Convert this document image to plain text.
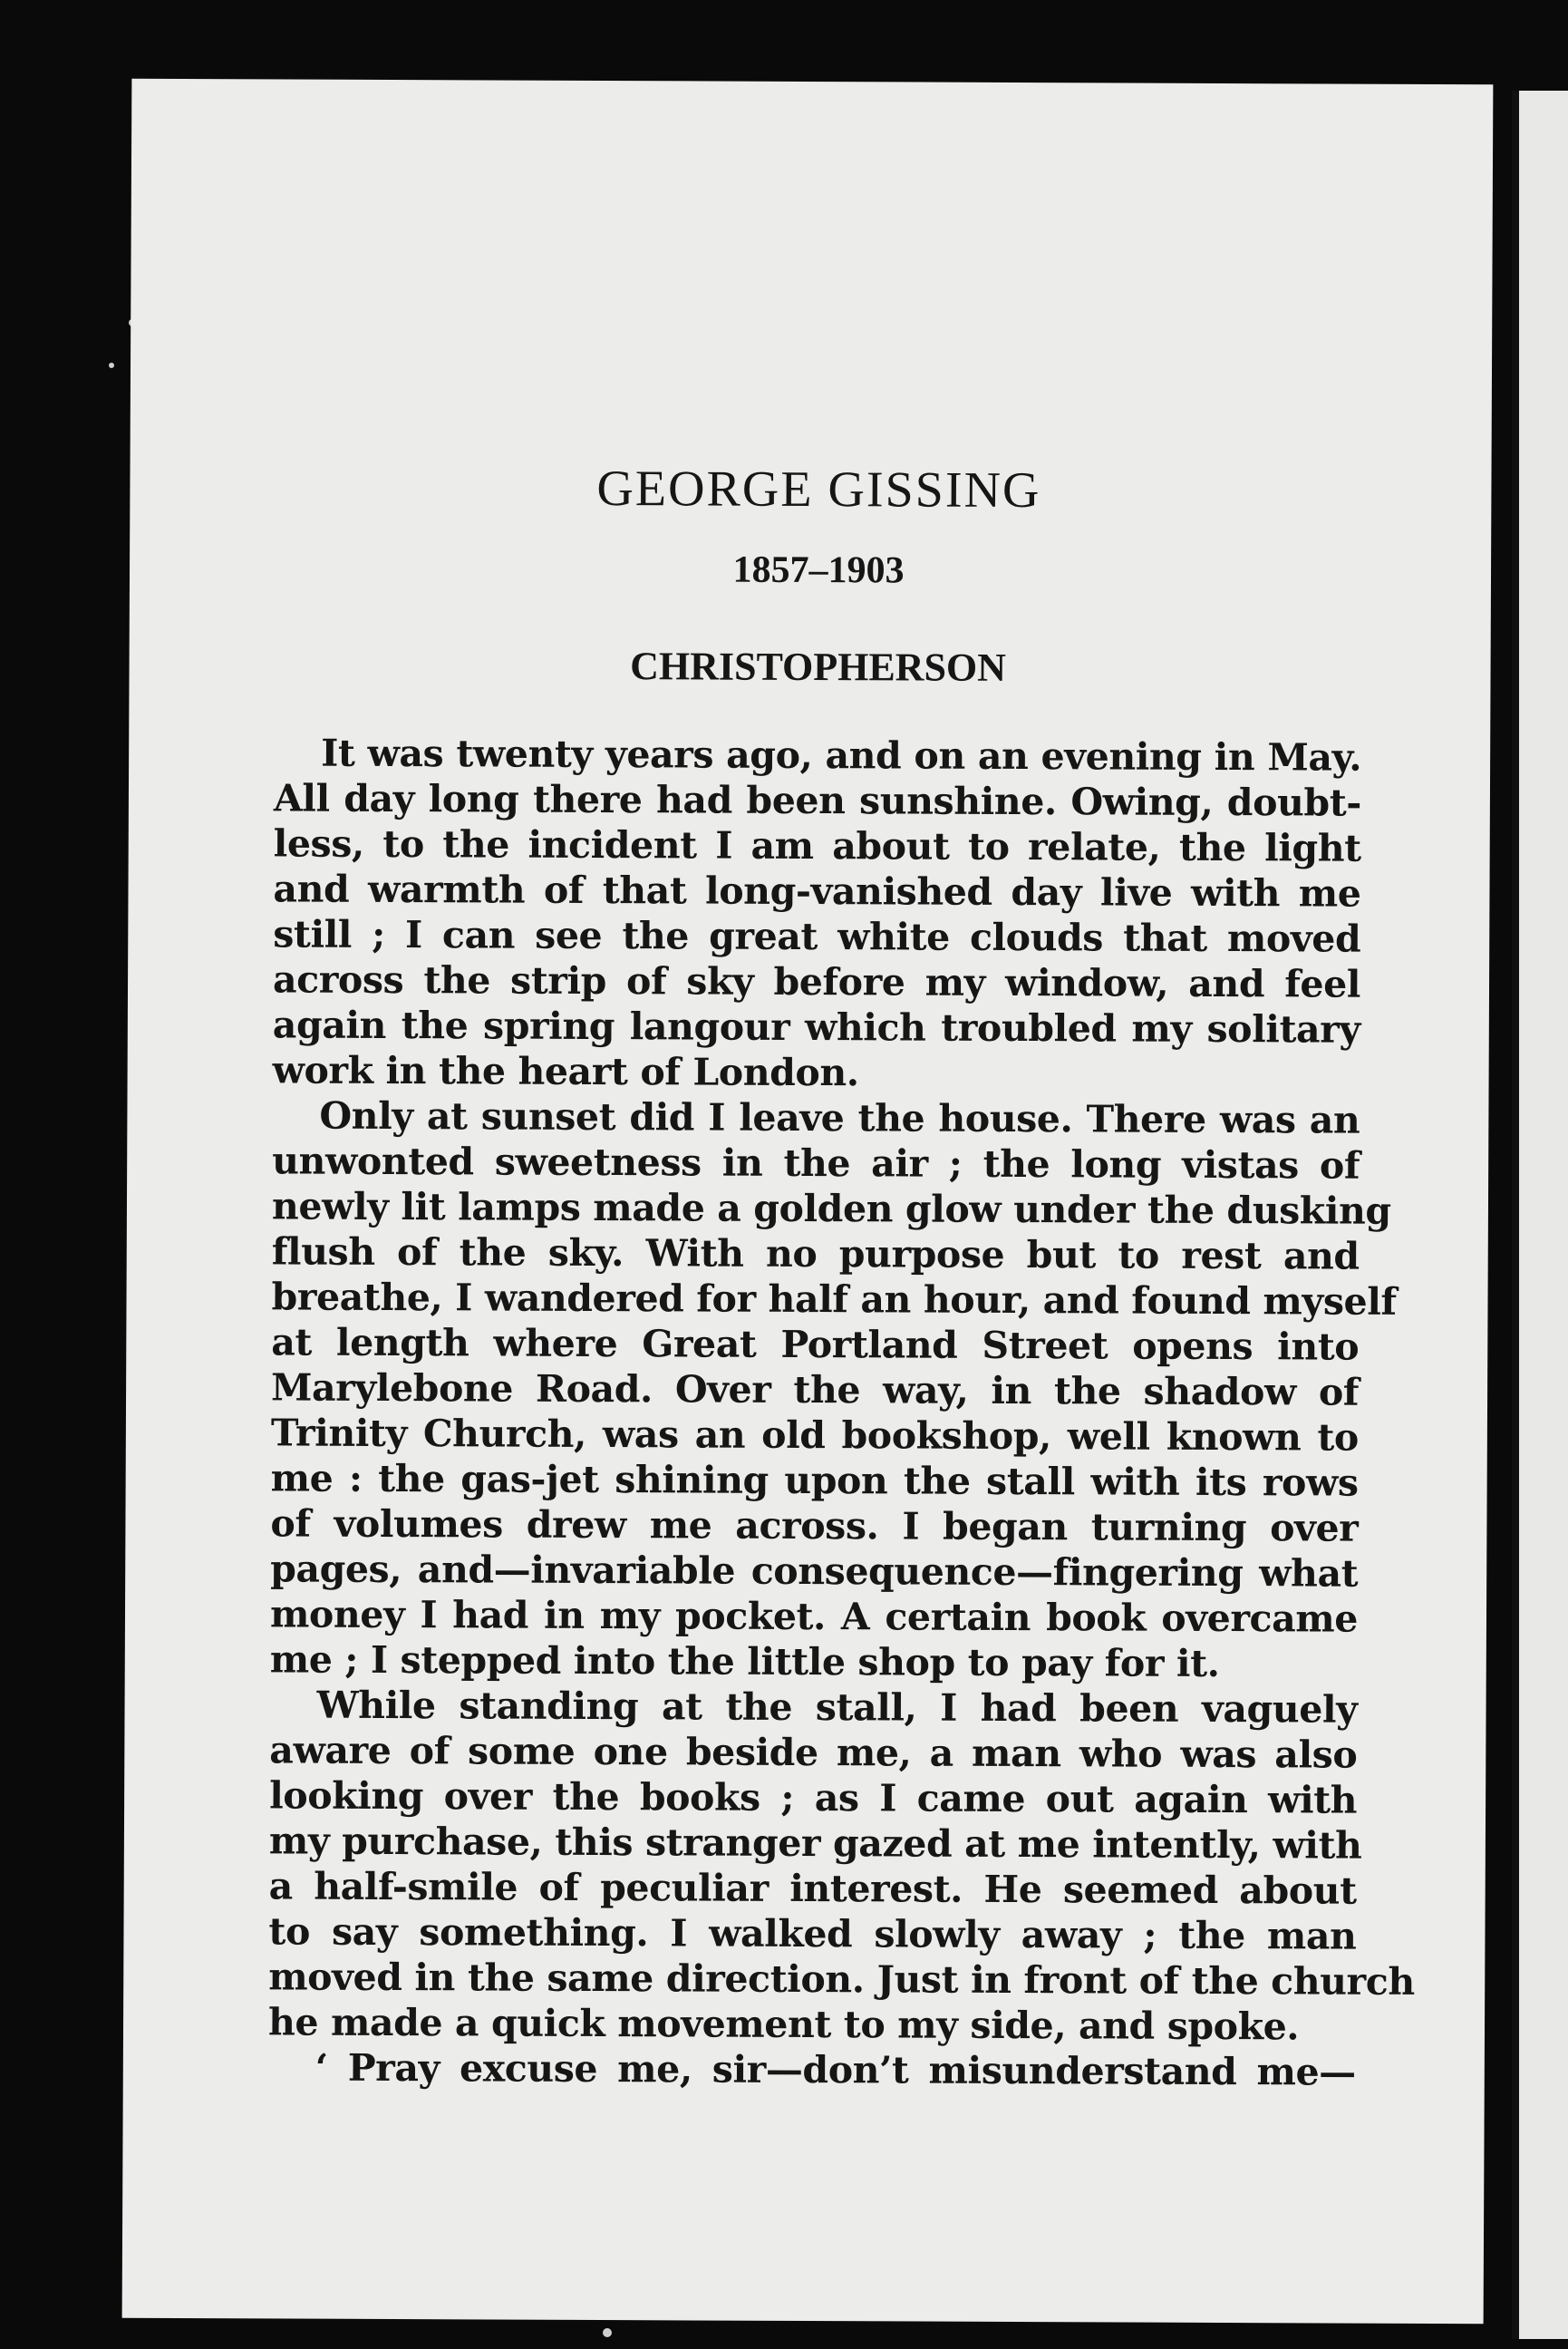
GEORGE GISSING
1857–1903
CHRISTOPHERSON
It was twenty years ago, and on an evening in May.
All day long there had been sunshine. Owing, doubt-
less, to the incident I am about to relate, the light
and warmth of that long-vanished day live with me
still ; I can see the great white clouds that moved
across the strip of sky before my window, and feel
again the spring langour which troubled my solitary
work in the heart of London.
Only at sunset did I leave the house. There was an
unwonted sweetness in the air ; the long vistas of
newly lit lamps made a golden glow under the dusking
flush of the sky. With no purpose but to rest and
breathe, I wandered for half an hour, and found myself
at length where Great Portland Street opens into
Marylebone Road. Over the way, in the shadow of
Trinity Church, was an old bookshop, well known to
me : the gas-jet shining upon the stall with its rows
of volumes drew me across. I began turning over
pages, and—invariable consequence—fingering what
money I had in my pocket. A certain book overcame
me ; I stepped into the little shop to pay for it.
While standing at the stall, I had been vaguely
aware of some one beside me, a man who was also
looking over the books ; as I came out again with
my purchase, this stranger gazed at me intently, with
a half-smile of peculiar interest. He seemed about
to say something. I walked slowly away ; the man
moved in the same direction. Just in front of the church
he made a quick movement to my side, and spoke.
‘ Pray excuse me, sir—don’t misunderstand me—
